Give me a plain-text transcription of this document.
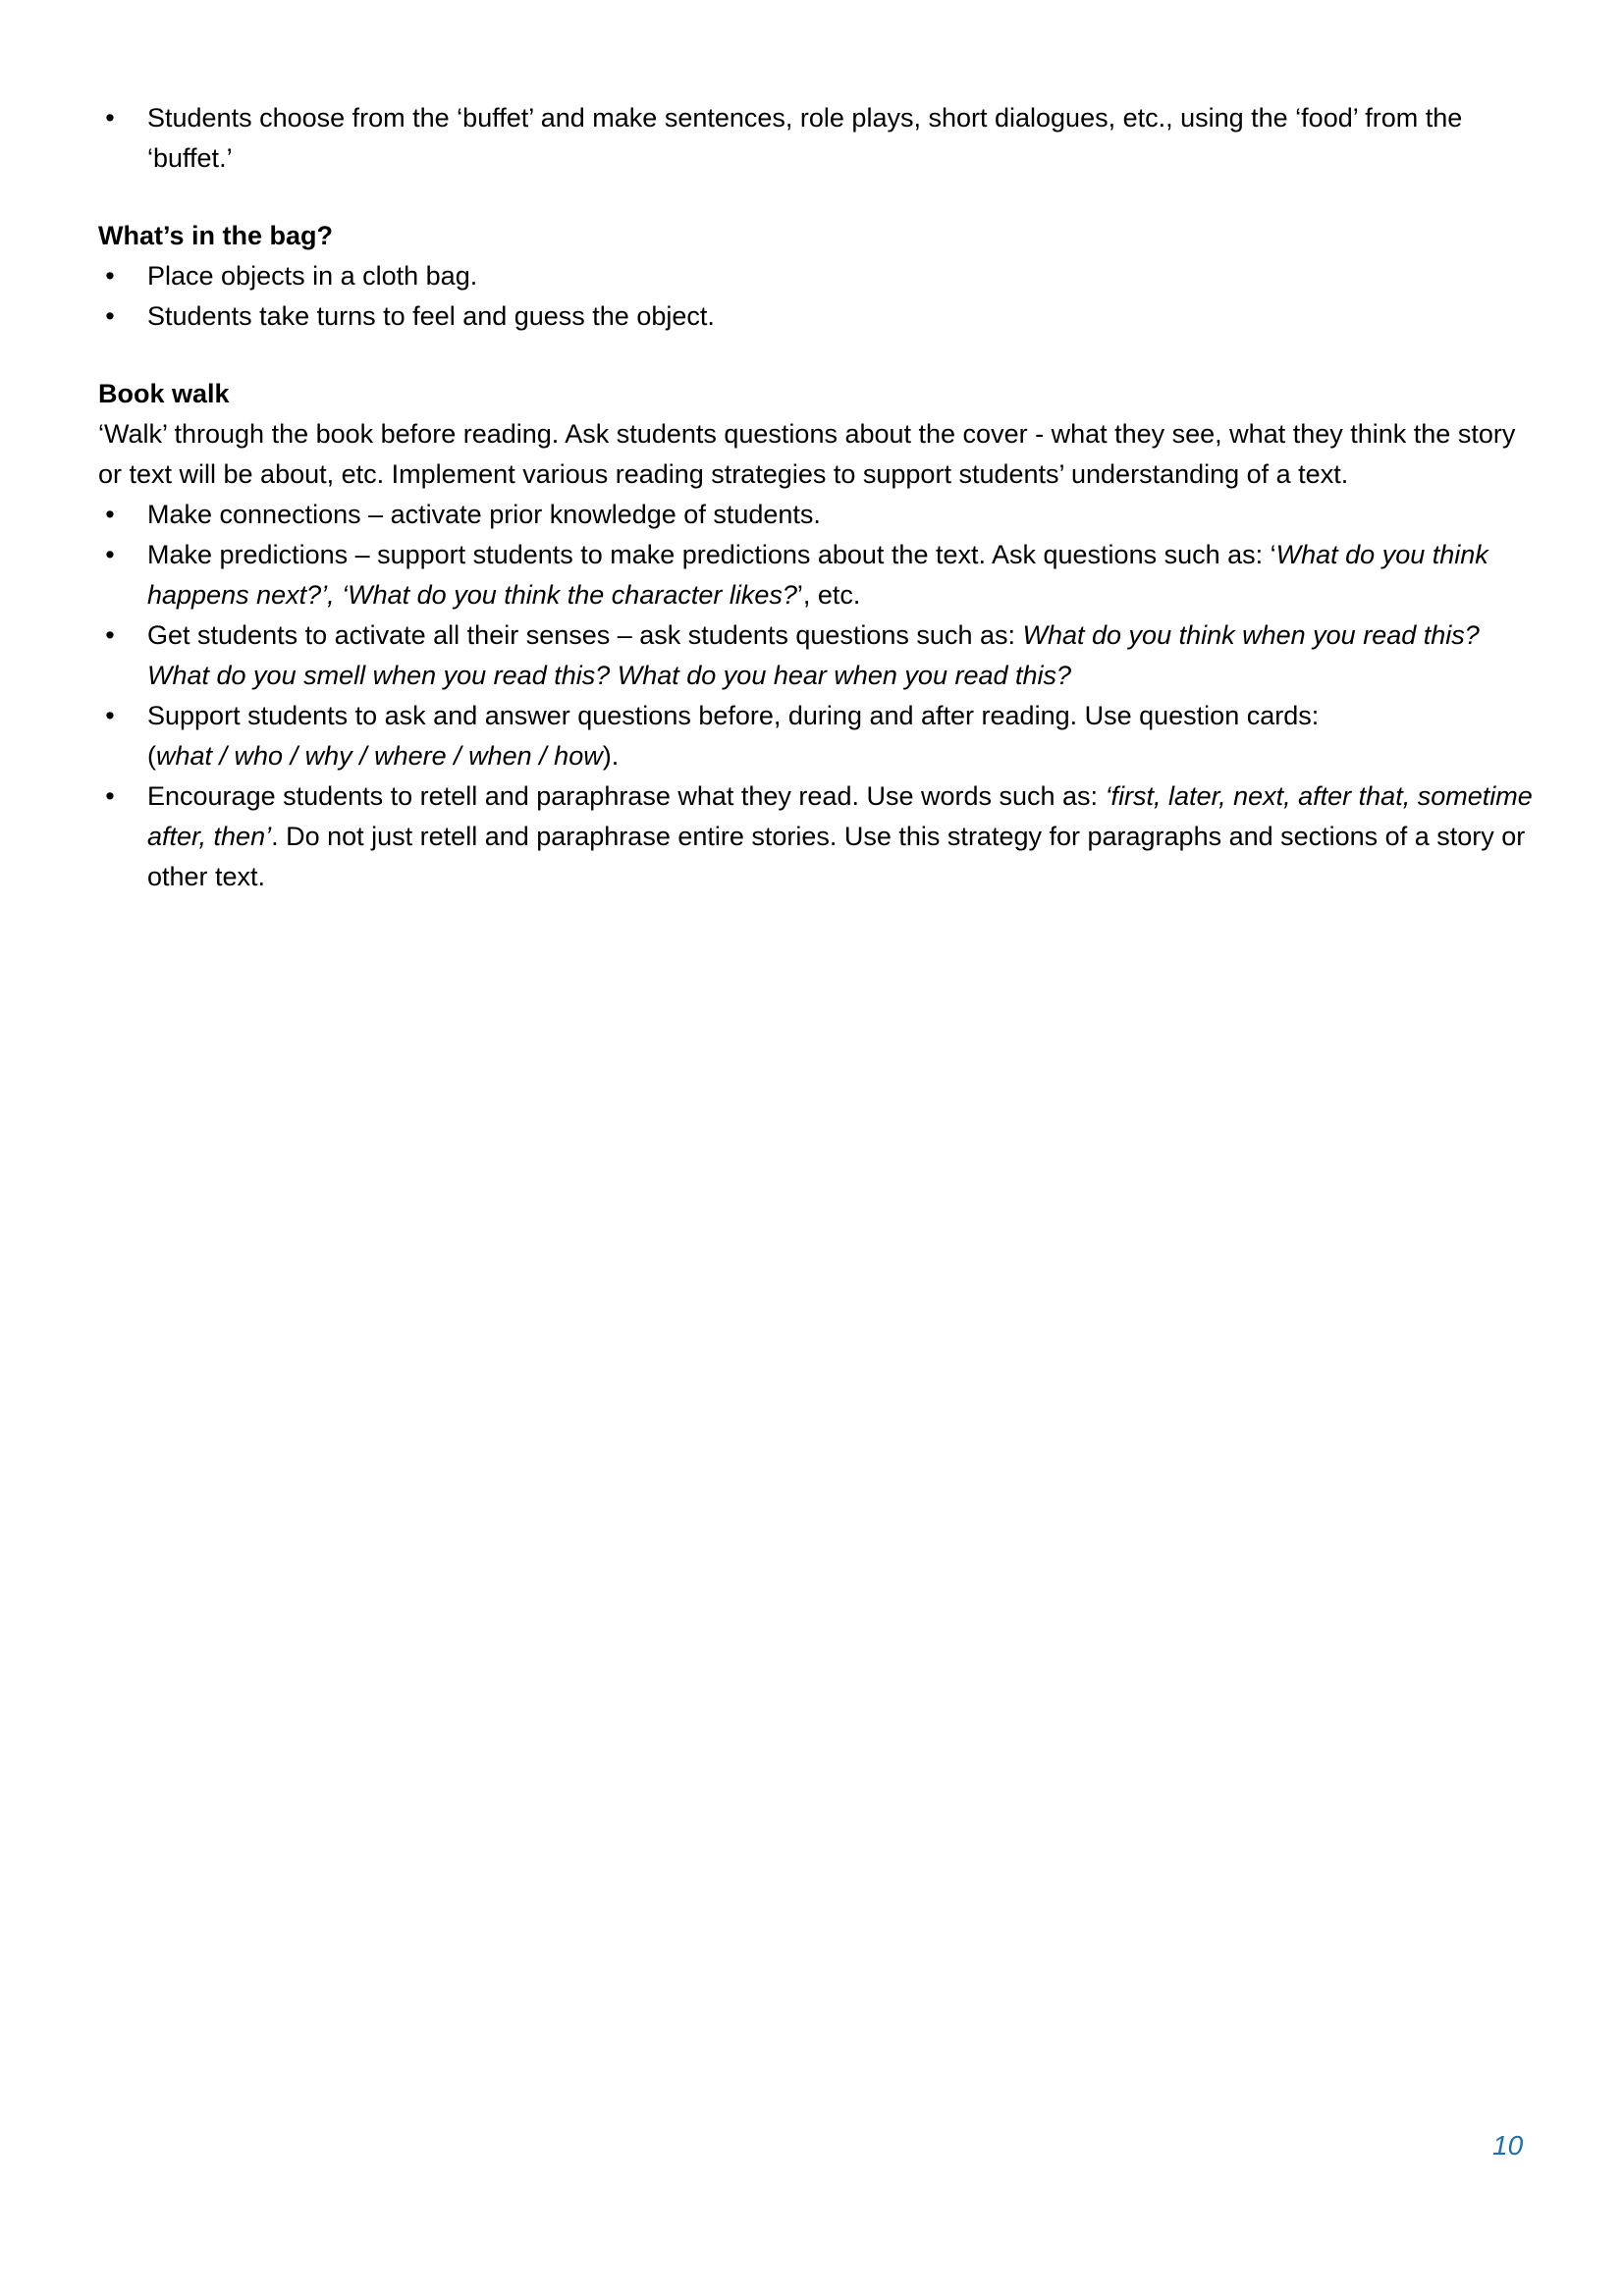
• Students choose from the ‘buffet’ and make sentences, role plays, short dialogues, etc., using the ‘food’ from the ‘buffet.’
What’s in the bag?
• Place objects in a cloth bag.
• Students take turns to feel and guess the object.
Book walk
‘Walk’ through the book before reading. Ask students questions about the cover - what they see, what they think the story or text will be about, etc. Implement various reading strategies to support students’ understanding of a text.
• Make connections – activate prior knowledge of students.
• Make predictions – support students to make predictions about the text. Ask questions such as: ‘What do you think happens next?’, ‘What do you think the character likes?’, etc.
• Get students to activate all their senses – ask students questions such as: What do you think when you read this? What do you smell when you read this? What do you hear when you read this?
• Support students to ask and answer questions before, during and after reading. Use question cards:
(what / who / why / where / when / how).
• Encourage students to retell and paraphrase what they read. Use words such as: ‘first, later, next, after that, sometime after, then’. Do not just retell and paraphrase entire stories. Use this strategy for paragraphs and sections of a story or other text.
10
